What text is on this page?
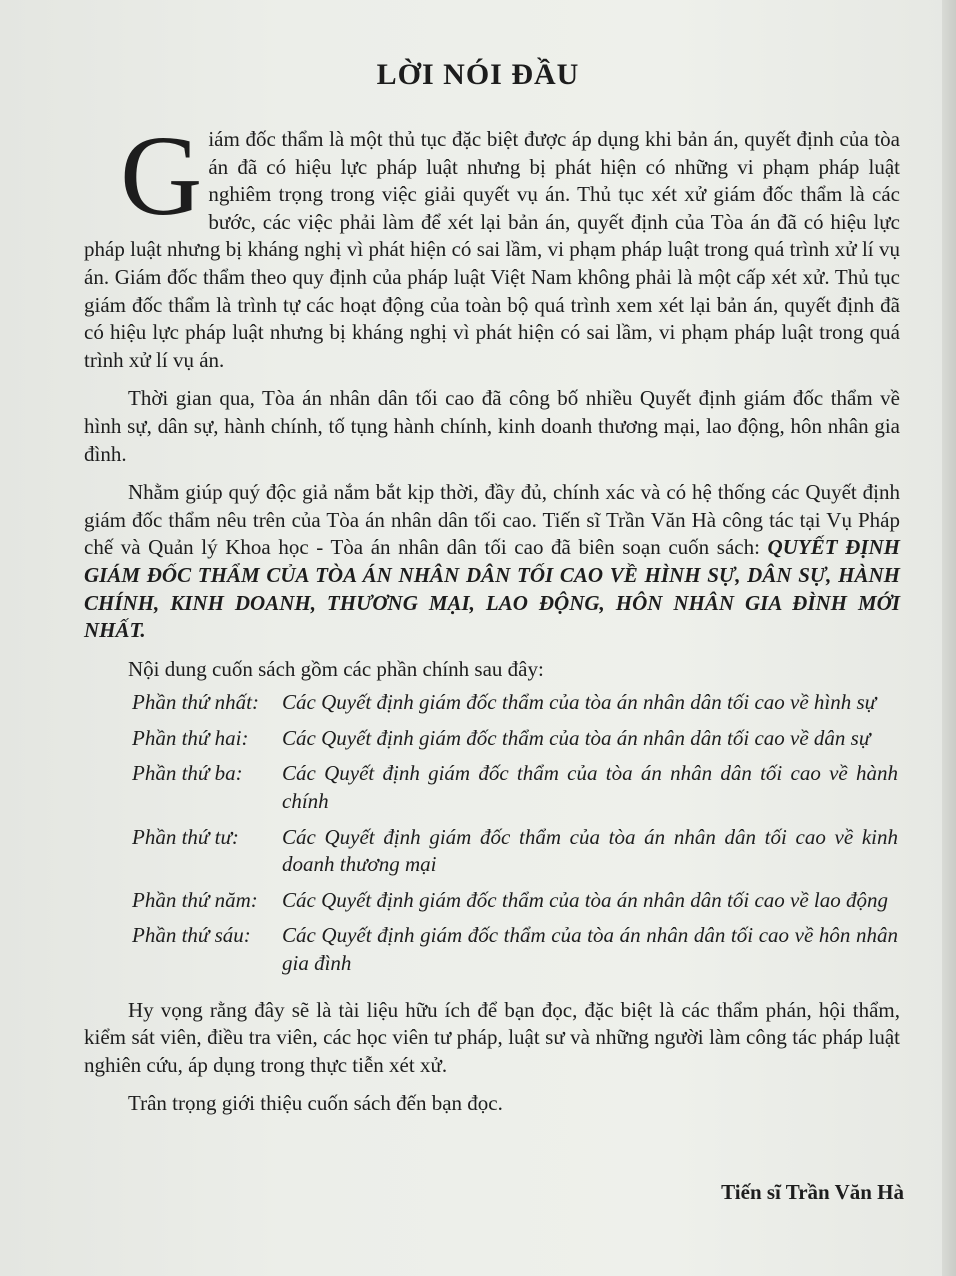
LỜI NÓI ĐẦU

Giám đốc thẩm là một thủ tục đặc biệt được áp dụng khi bản án, quyết định của tòa án đã có hiệu lực pháp luật nhưng bị phát hiện có những vi phạm pháp luật nghiêm trọng trong việc giải quyết vụ án. Thủ tục xét xử giám đốc thẩm là các bước, các việc phải làm để xét lại bản án, quyết định của Tòa án đã có hiệu lực pháp luật nhưng bị kháng nghị vì phát hiện có sai lầm, vi phạm pháp luật trong quá trình xử lí vụ án. Giám đốc thẩm theo quy định của pháp luật Việt Nam không phải là một cấp xét xử. Thủ tục giám đốc thẩm là trình tự các hoạt động của toàn bộ quá trình xem xét lại bản án, quyết định đã có hiệu lực pháp luật nhưng bị kháng nghị vì phát hiện có sai lầm, vi phạm pháp luật trong quá trình xử lí vụ án.

Thời gian qua, Tòa án nhân dân tối cao đã công bố nhiều Quyết định giám đốc thẩm về hình sự, dân sự, hành chính, tố tụng hành chính, kinh doanh thương mại, lao động, hôn nhân gia đình.

Nhằm giúp quý độc giả nắm bắt kịp thời, đầy đủ, chính xác và có hệ thống các Quyết định giám đốc thẩm nêu trên của Tòa án nhân dân tối cao. Tiến sĩ Trần Văn Hà công tác tại Vụ Pháp chế và Quản lý Khoa học - Tòa án nhân dân tối cao đã biên soạn cuốn sách: QUYẾT ĐỊNH GIÁM ĐỐC THẨM CỦA TÒA ÁN NHÂN DÂN TỐI CAO VỀ HÌNH SỰ, DÂN SỰ, HÀNH CHÍNH, KINH DOANH, THƯƠNG MẠI, LAO ĐỘNG, HÔN NHÂN GIA ĐÌNH MỚI NHẤT.

Nội dung cuốn sách gồm các phần chính sau đây:

Phần thứ nhất:	Các Quyết định giám đốc thẩm của tòa án nhân dân tối cao về hình sự
Phần thứ hai:	Các Quyết định giám đốc thẩm của tòa án nhân dân tối cao về dân sự
Phần thứ ba:	Các Quyết định giám đốc thẩm của tòa án nhân dân tối cao về hành chính
Phần thứ tư:	Các Quyết định giám đốc thẩm của tòa án nhân dân tối cao về kinh doanh thương mại
Phần thứ năm:	Các Quyết định giám đốc thẩm của tòa án nhân dân tối cao về lao động
Phần thứ sáu:	Các Quyết định giám đốc thẩm của tòa án nhân dân tối cao về hôn nhân gia đình

Hy vọng rằng đây sẽ là tài liệu hữu ích để bạn đọc, đặc biệt là các thẩm phán, hội thẩm, kiểm sát viên, điều tra viên, các học viên tư pháp, luật sư và những người làm công tác pháp luật nghiên cứu, áp dụng trong thực tiễn xét xử.

Trân trọng giới thiệu cuốn sách đến bạn đọc.

Tiến sĩ Trần Văn Hà
